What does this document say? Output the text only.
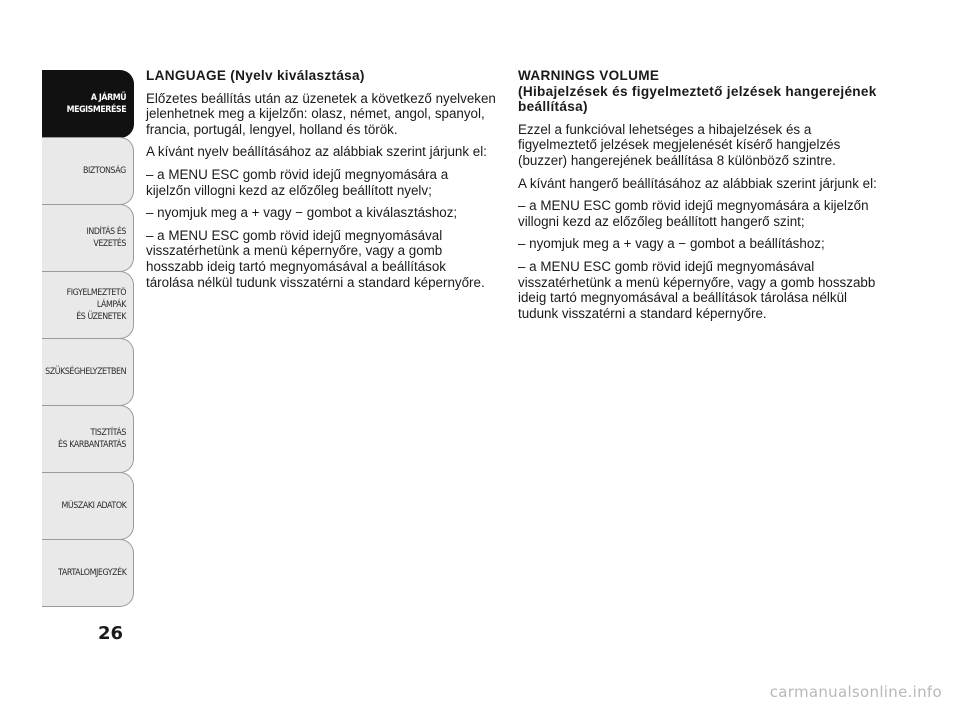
A JÁRMŰ
MEGISMERÉSE
BIZTONSÁG
INDÍTÁS ÉS VEZETÉS
FIGYELMEZTETŐ
LÁMPÁK
ÉS ÜZENETEK
SZÜKSÉGHELYZETBEN
TISZTÍTÁS
ÉS KARBANTARTÁS
MŰSZAKI ADATOK
TARTALOMJEGYZÉK
26
LANGUAGE (Nyelv kiválasztása)

Előzetes beállítás után az üzenetek a következő nyelveken jelenhetnek meg a kijelzőn: olasz, német, angol, spanyol, francia, portugál, lengyel, holland és török.

A kívánt nyelv beállításához az alábbiak szerint járjunk el:

– a MENU ESC gomb rövid idejű megnyomására a kijelzőn villogni kezd az előzőleg beállított nyelv;

– nyomjuk meg a + vagy − gombot a kiválasztáshoz;

– a MENU ESC gomb rövid idejű megnyomásával visszatérhetünk a menü képernyőre, vagy a gomb hosszabb ideig tartó megnyomásával a beállítások tárolása nélkül tudunk visszatérni a standard képernyőre.

WARNINGS VOLUME
(Hibajelzések és figyelmeztető jelzések hangerejének beállítása)

Ezzel a funkcióval lehetséges a hibajelzések és a figyelmeztető jelzések megjelenését kísérő hangjelzés (buzzer) hangerejének beállítása 8 különböző szintre.

A kívánt hangerő beállításához az alábbiak szerint járjunk el:

– a MENU ESC gomb rövid idejű megnyomására a kijelzőn villogni kezd az előzőleg beállított hangerő szint;

– nyomjuk meg a + vagy a − gombot a beállításhoz;

– a MENU ESC gomb rövid idejű megnyomásával visszatérhetünk a menü képernyőre, vagy a gomb hosszabb ideig tartó megnyomásával a beállítások tárolása nélkül tudunk visszatérni a standard képernyőre.

carmanualsonline.info
